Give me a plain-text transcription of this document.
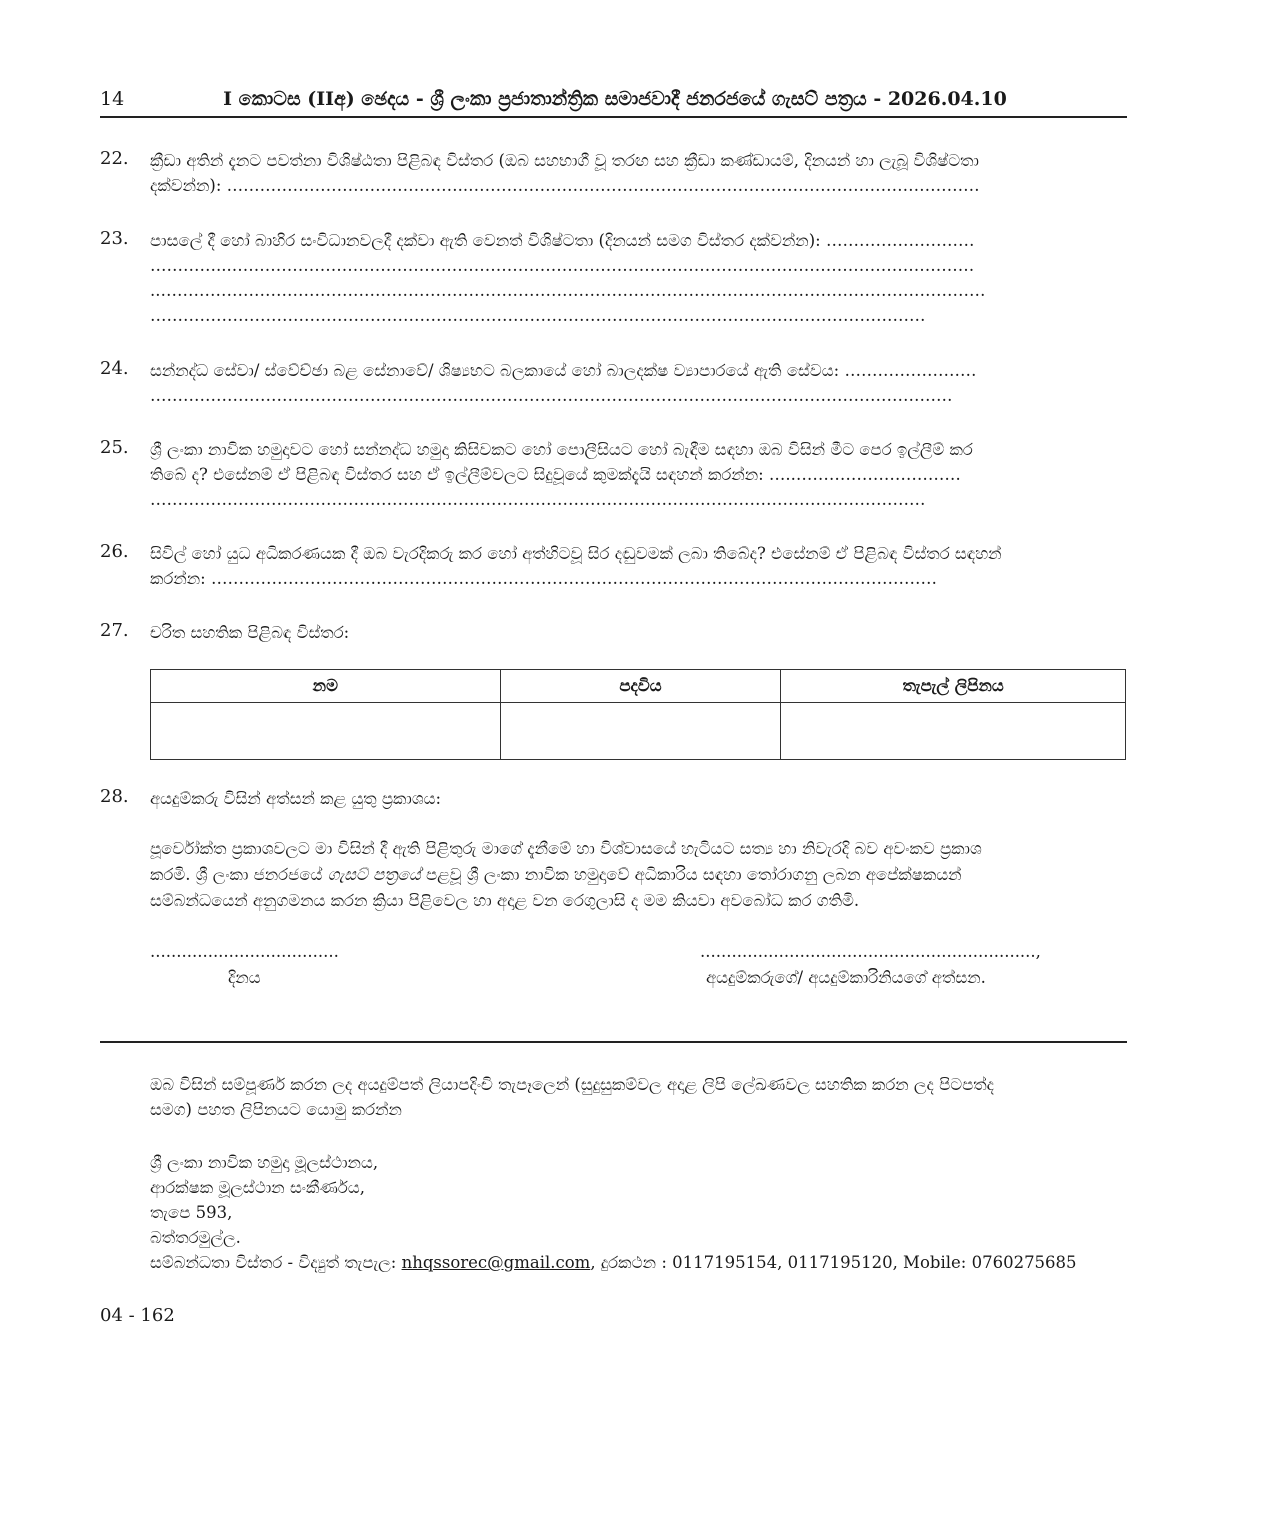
14	I කොටස (IIඅ) ඡෙදය - ශ්‍රී ලංකා ප්‍රජාතාන්ත්‍රික සමාජවාදී ජනරජයේ ගැසට් පත්‍රය - 2026.04.10
22. ක්‍රීඩා අතින් දැනට පවත්නා විශිෂ්ඨතා පිළිබඳ විස්තර (ඔබ සහභාගී වූ තරඟ සහ ක්‍රීඩා කණ්ඩායම්, දිනයන් හා ලැබූ විශිෂ්ටතා
දක්වන්න): ……………………………………..…………………………………………………………………………………
23. පාසලේ දී හෝ බාහිර සංවිධානවලදී දක්වා ඇති වෙනත් විශිෂ්ටතා (දිනයන් සමග විස්තර දක්වන්න): ………………………
…………...………………………………………………………………………………………………………………………
..……………………………………………………………………………………………………………………………………
……………………………………………………………………………………………………………………………
24. සන්නද්ධ සේවා/ ස්වේච්ඡා බළ සේනාවේ/ ශිෂ්‍යභට බලකායේ හෝ බාලදක්ෂ ව්‍යාපාරයේ ඇති සේවය: ……………………
…………………………………………………..……………………………………………………………………………
25. ශ්‍රී ලංකා නාවික හමුදාවට හෝ සන්නද්ධ හමුදා කිසිවකට හෝ පොලීසියට හෝ බැඳීම සඳහා ඔබ විසින් මීට පෙර ඉල්ලීම් කර
තිබේ ද? එසේනම් ඒ පිළිබඳ විස්තර සහ ඒ ඉල්ලීම්වලට සිදුවූයේ කුමක්දැයි සඳහන් කරන්න: …..…………………………
……………………………………………………………………………………………………………………………
26. සිවිල් හෝ යුධ අධිකරණයක දී ඔබ වැරදිකරු කර හෝ අත්හිටවූ සිර දඬුවමක් ලබා තිබේද? එසේනම් ඒ පිළිබඳ විස්තර සඳහන්
කරන්න: ……………………………………………………………………………………………………………………
27. චරිත සහතික පිළිබඳ විස්තර:
නම	පදවිය	තැපැල් ලිපිනය

28. අයදුම්කරු විසින් අත්සන් කළ යුතු ප්‍රකාශය:
පූර්වෝක්ත ප්‍රකාශවලට මා විසින් දී ඇති පිළිතුරු මාගේ දැනීමේ හා විශ්වාසයේ හැටියට සත්‍ය හා නිවැරදි බව අවංකව ප්‍රකාශ
කරමි. ශ්‍රී ලංකා ජනරජයේ ගැසට් පත්‍රයේ පළවූ ශ්‍රී ලංකා නාවික හමුදාවේ අධිකාරිය සඳහා තෝරාගනු ලබන අපේක්ෂකයන්
සම්බන්ධයෙන් අනුගමනය කරන ක්‍රියා පිළිවෙල හා අදාළ වන රෙගුලාසි ද මම කියවා අවබෝධ කර ගතිමි.
....................................
දිනය
................................................................,
අයදුම්කරුගේ/ අයදුම්කාරිනියගේ අත්සන.
ඔබ විසින් සම්පූර්ණ කරන ලද අයදුම්පත් ලියාපදිංචි තැපෑලෙන් (සුදුසුකම්වල අදාළ ලිපි ලේඛණවල සහතික කරන ලද පිටපත්ද
සමග) පහත ලිපිනයට යොමු කරන්න
ශ්‍රී ලංකා නාවික හමුදා මූලස්ථානය,
ආරක්ෂක මූලස්ථාන සංකීර්ණය,
තැපෙ 593,
බත්තරමුල්ල.
සම්බන්ධතා විස්තර - විද්‍යුත් තැපැල: nhqssorec@gmail.com, දුරකථන : 0117195154, 0117195120, Mobile: 0760275685
04 - 162
